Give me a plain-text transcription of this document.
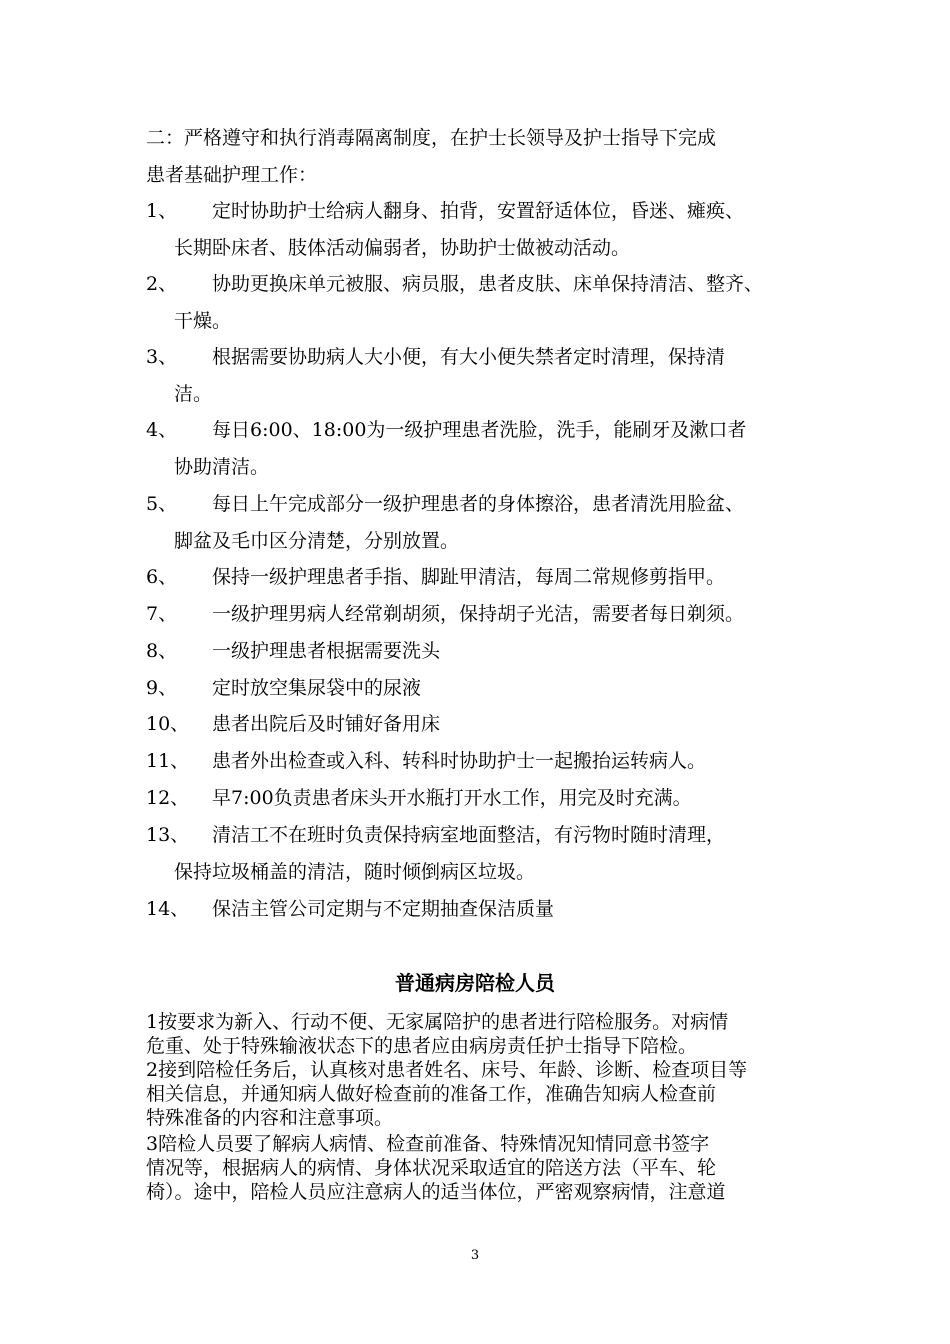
二：严格遵守和执行消毒隔离制度，在护士长领导及护士指导下完成
患者基础护理工作：
1、	定时协助护士给病人翻身、拍背，安置舒适体位，昏迷、瘫痪、
长期卧床者、肢体活动偏弱者，协助护士做被动活动。
2、	协助更换床单元被服、病员服，患者皮肤、床单保持清洁、整齐、
干燥。
3、	根据需要协助病人大小便，有大小便失禁者定时清理，保持清
洁。
4、	每日6:00、18:00为一级护理患者洗脸，洗手，能刷牙及漱口者
协助清洁。
5、	每日上午完成部分一级护理患者的身体擦浴，患者清洗用脸盆、
脚盆及毛巾区分清楚，分别放置。
6、	保持一级护理患者手指、脚趾甲清洁，每周二常规修剪指甲。
7、	一级护理男病人经常剃胡须，保持胡子光洁，需要者每日剃须。
8、	一级护理患者根据需要洗头
9、	定时放空集尿袋中的尿液
10、	患者出院后及时铺好备用床
11、	患者外出检查或入科、转科时协助护士一起搬抬运转病人。
12、	早7:00负责患者床头开水瓶打开水工作，用完及时充满。
13、	清洁工不在班时负责保持病室地面整洁，有污物时随时清理，
保持垃圾桶盖的清洁，随时倾倒病区垃圾。
14、	保洁主管公司定期与不定期抽查保洁质量
普通病房陪检人员
1按要求为新入、行动不便、无家属陪护的患者进行陪检服务。对病情
危重、处于特殊输液状态下的患者应由病房责任护士指导下陪检。
2接到陪检任务后，认真核对患者姓名、床号、年龄、诊断、检查项目等
相关信息，并通知病人做好检查前的准备工作，准确告知病人检查前
特殊准备的内容和注意事项。
3陪检人员要了解病人病情、检查前准备、特殊情况知情同意书签字
情况等，根据病人的病情、身体状况采取适宜的陪送方法（平车、轮
椅）。途中，陪检人员应注意病人的适当体位，严密观察病情，注意道
3
